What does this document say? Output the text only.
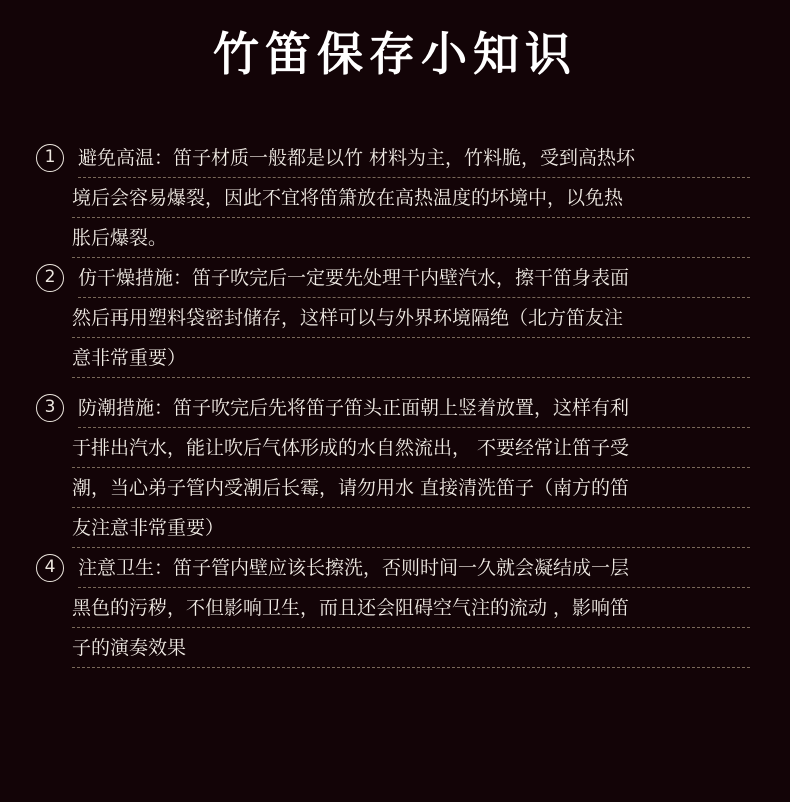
竹笛保存小知识
1	避免高温：笛子材质一般都是以竹 材料为主，竹料脆，受到高热坏
境后会容易爆裂，因此不宜将笛箫放在高热温度的坏境中，以免热
胀后爆裂。
2	仿干燥措施：笛子吹完后一定要先处理干内壁汽水，擦干笛身表面
然后再用塑料袋密封储存，这样可以与外界环境隔绝（北方笛友注
意非常重要）
3	防潮措施：笛子吹完后先将笛子笛头正面朝上竖着放置，这样有利
于排出汽水，能让吹后气体形成的水自然流出， 不要经常让笛子受
潮，当心弟子管内受潮后长霉，请勿用水 直接清洗笛子（南方的笛
友注意非常重要）
4	注意卫生：笛子管内壁应该长擦洗，否则时间一久就会凝结成一层
黑色的污秽，不但影响卫生，而且还会阻碍空气注的流动 ，影响笛
子的演奏效果
